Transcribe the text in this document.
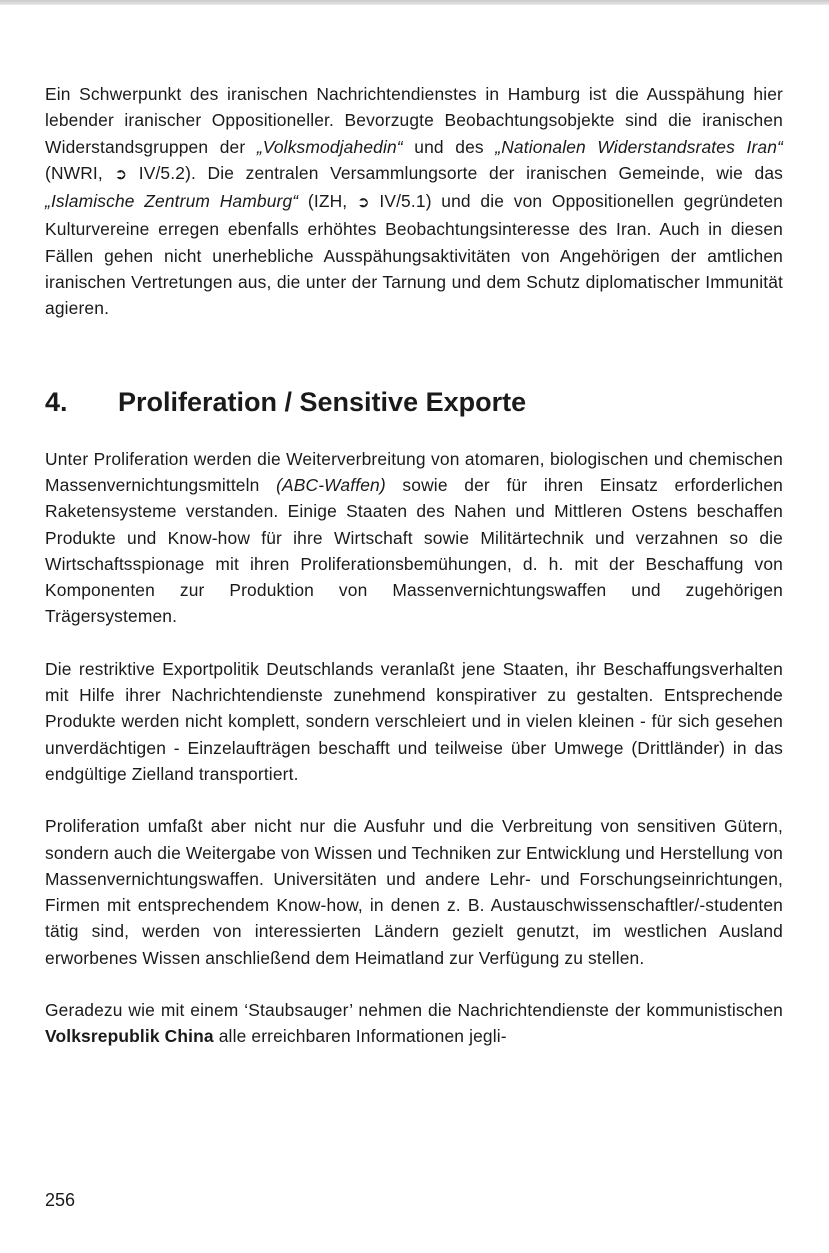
Ein Schwerpunkt des iranischen Nachrichtendienstes in Hamburg ist die Ausspähung hier lebender iranischer Oppositioneller. Bevorzugte Beobachtungsobjekte sind die iranischen Widerstandsgruppen der „Volksmodjahedin“ und des „Nationalen Widerstandsrates Iran“ (NWRI, ➲ IV/5.2). Die zentralen Versammlungsorte der iranischen Gemeinde, wie das „Islamische Zentrum Hamburg“ (IZH, ➲ IV/5.1) und die von Oppositionellen gegründeten Kulturvereine erregen ebenfalls erhöhtes Beobachtungsinteresse des Iran. Auch in diesen Fällen gehen nicht unerhebliche Ausspähungsaktivitäten von Angehörigen der amtlichen iranischen Vertretungen aus, die unter der Tarnung und dem Schutz diplomatischer Immunität agieren.

4.	Proliferation / Sensitive Exporte

Unter Proliferation werden die Weiterverbreitung von atomaren, biologischen und chemischen Massenvernichtungsmitteln (ABC-Waffen) sowie der für ihren Einsatz erforderlichen Raketensysteme verstanden. Einige Staaten des Nahen und Mittleren Ostens beschaffen Produkte und Know-how für ihre Wirtschaft sowie Militärtechnik und verzahnen so die Wirtschaftsspionage mit ihren Proliferationsbemühungen, d. h. mit der Beschaffung von Komponenten zur Produktion von Massenvernichtungswaffen und zugehörigen Trägersystemen.

Die restriktive Exportpolitik Deutschlands veranlaßt jene Staaten, ihr Beschaffungsverhalten mit Hilfe ihrer Nachrichtendienste zunehmend konspirativer zu gestalten. Entsprechende Produkte werden nicht komplett, sondern verschleiert und in vielen kleinen - für sich gesehen unverdächtigen - Einzelaufträgen beschafft und teilweise über Umwege (Drittländer) in das endgültige Zielland transportiert.

Proliferation umfaßt aber nicht nur die Ausfuhr und die Verbreitung von sensitiven Gütern, sondern auch die Weitergabe von Wissen und Techniken zur Entwicklung und Herstellung von Massenvernichtungswaffen. Universitäten und andere Lehr- und Forschungseinrichtungen, Firmen mit entsprechendem Know-how, in denen z. B. Austauschwissenschaftler/-studenten tätig sind, werden von interessierten Ländern gezielt genutzt, im westlichen Ausland erworbenes Wissen anschließend dem Heimatland zur Verfügung zu stellen.

Geradezu wie mit einem ‘Staubsauger’ nehmen die Nachrichtendienste der kommunistischen Volksrepublik China alle erreichbaren Informationen jegli-

256
